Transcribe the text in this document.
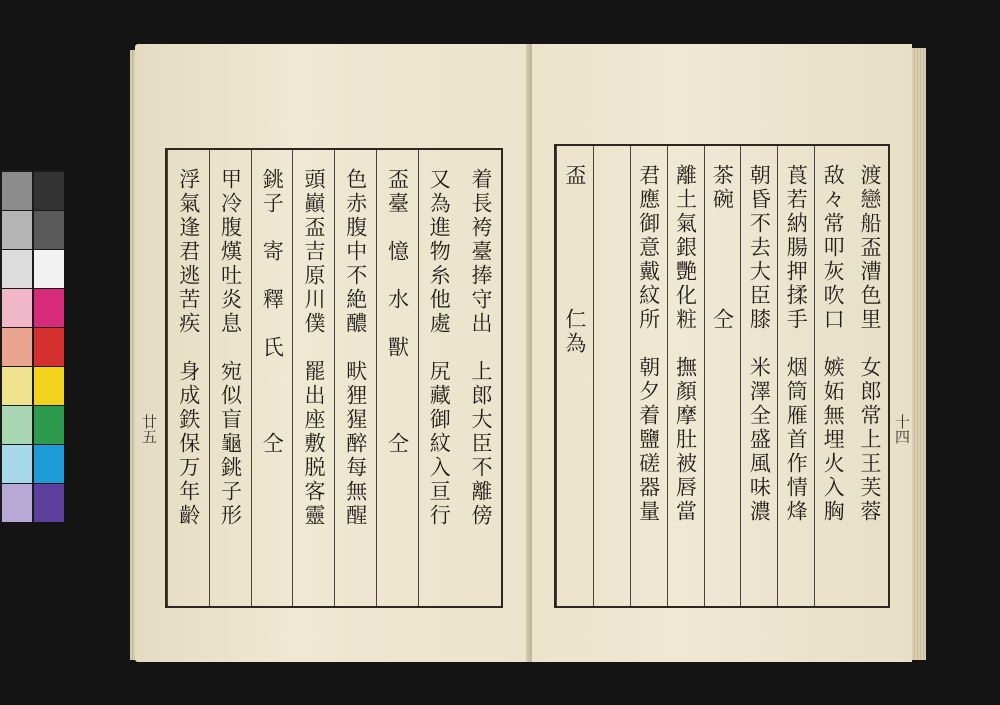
着長袴臺捧守出　上郎大臣不離傍
又為進物糸他處　尻藏御紋入亘行
盃臺　憶　水　獸　　　仝
色赤腹中不絶醲　畎狸猩醉每無醒
頭巓盃吉原川僕　罷出座敷脱客靈
銚子　寄　釋　氏　　　仝
甲冷腹熯吐炎息　宛似盲龜銚子形
浮氣逢君逃苦疾　身成鉄保万年齡
廿五	渡戀船盃漕色里　女郎常上王芙蓉
敌々常叩灰吹口　嫉妬無埋火入胸
莨若納腸押揉手　烟筒雁首作情烽
朝昏不去大臣膝　米澤全盛風味濃
茶碗　　　　仝
離土氣銀艷化粧　撫顏摩肚被唇當
君應御意戴紋所　朝夕着鹽磋器量
盃　　　　　仁為
十四
